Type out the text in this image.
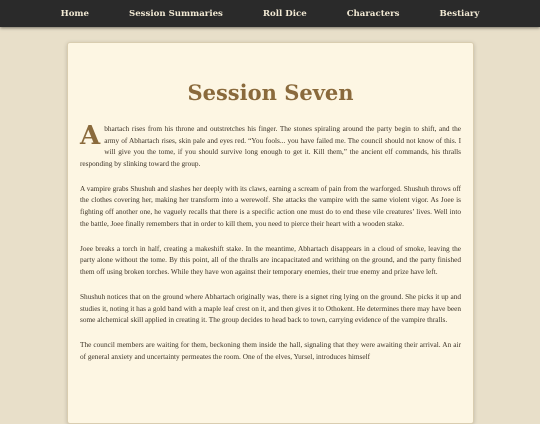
Home	Session Summaries	Roll Dice	Characters	Bestiary
Session Seven

Abhartach rises from his throne and outstretches his finger. The stones spiraling around the party begin to shift, and the army of Abhartach rises, skin pale and eyes red. “You fools... you have failed me. The council should not know of this. I will give you the tome, if you should survive long enough to get it. Kill them,” the ancient elf commands, his thralls responding by slinking toward the group.

A vampire grabs Shushuh and slashes her deeply with its claws, earning a scream of pain from the warforged. Shushuh throws off the clothes covering her, making her transform into a werewolf. She attacks the vampire with the same violent vigor. As Joee is fighting off another one, he vaguely recalls that there is a specific action one must do to end these vile creatures’ lives. Well into the battle, Joee finally remembers that in order to kill them, you need to pierce their heart with a wooden stake.

Joee breaks a torch in half, creating a makeshift stake. In the meantime, Abhartach disappears in a cloud of smoke, leaving the party alone without the tome. By this point, all of the thralls are incapacitated and writhing on the ground, and the party finished them off using broken torches. While they have won against their temporary enemies, their true enemy and prize have left.

Shushuh notices that on the ground where Abhartach originally was, there is a signet ring lying on the ground. She picks it up and studies it, noting it has a gold band with a maple leaf crest on it, and then gives it to Othokent. He determines there may have been some alchemical skill applied in creating it. The group decides to head back to town, carrying evidence of the vampire thralls.

The council members are waiting for them, beckoning them inside the hall, signaling that they were awaiting their arrival. An air of general anxiety and uncertainty permeates the room. One of the elves, Yursel, introduces himself
